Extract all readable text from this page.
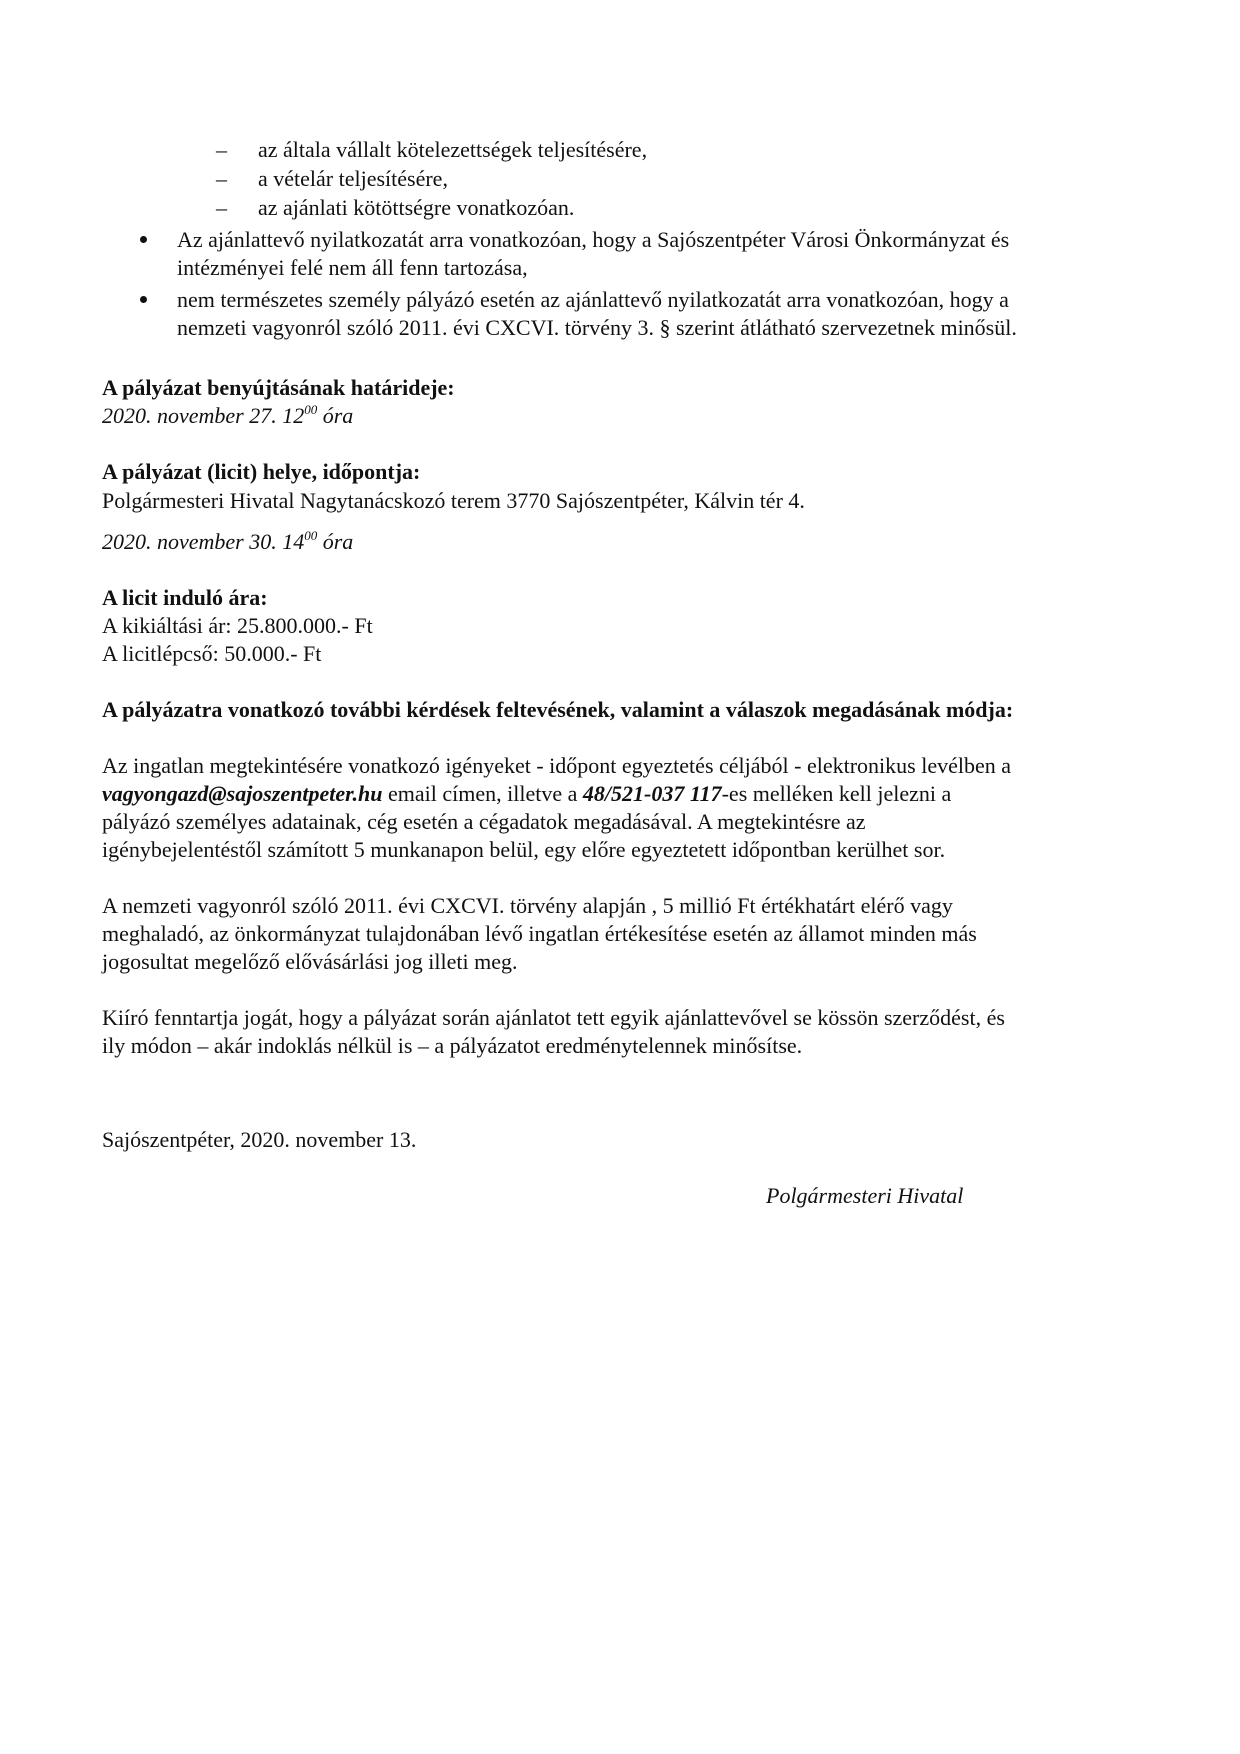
– az általa vállalt kötelezettségek teljesítésére,
– a vételár teljesítésére,
– az ajánlati kötöttségre vonatkozóan.
Az ajánlattevő nyilatkozatát arra vonatkozóan, hogy a Sajószentpéter Városi Önkormányzat és
intézményei felé nem áll fenn tartozása,
nem természetes személy pályázó esetén az ajánlattevő nyilatkozatát arra vonatkozóan, hogy a
nemzeti vagyonról szóló 2011. évi CXCVI. törvény 3. § szerint átlátható szervezetnek minősül.
A pályázat benyújtásának határideje:
2020. november 27. $12^{00}$ óra
A pályázat (licit) helye, időpontja:
Polgármesteri Hivatal Nagytanácskozó terem 3770 Sajószentpéter, Kálvin tér 4.
2020. november 30. $14^{00}$ óra
A licit induló ára:
A kikiáltási ár: 25.800.000.- Ft
A licitlépcső: 50.000.- Ft
A pályázatra vonatkozó további kérdések feltevésének, valamint a válaszok megadásának módja:
Az ingatlan megtekintésére vonatkozó igényeket - időpont egyeztetés céljából - elektronikus levélben a
vagyongazd@sajoszentpeter.hu email címen, illetve a 48/521-037 117-es melléken kell jelezni a
pályázó személyes adatainak, cég esetén a cégadatok megadásával. A megtekintésre az
igénybejelentéstől számított 5 munkanapon belül, egy előre egyeztetett időpontban kerülhet sor.
A nemzeti vagyonról szóló 2011. évi CXCVI. törvény alapján , 5 millió Ft értékhatárt elérő vagy
meghaladó, az önkormányzat tulajdonában lévő ingatlan értékesítése esetén az államot minden más
jogosultat megelőző elővásárlási jog illeti meg.
Kiíró fenntartja jogát, hogy a pályázat során ajánlatot tett egyik ajánlattevővel se kössön szerződést, és
ily módon – akár indoklás nélkül is – a pályázatot eredménytelennek minősítse.
Sajószentpéter, 2020. november 13.
Polgármesteri Hivatal
